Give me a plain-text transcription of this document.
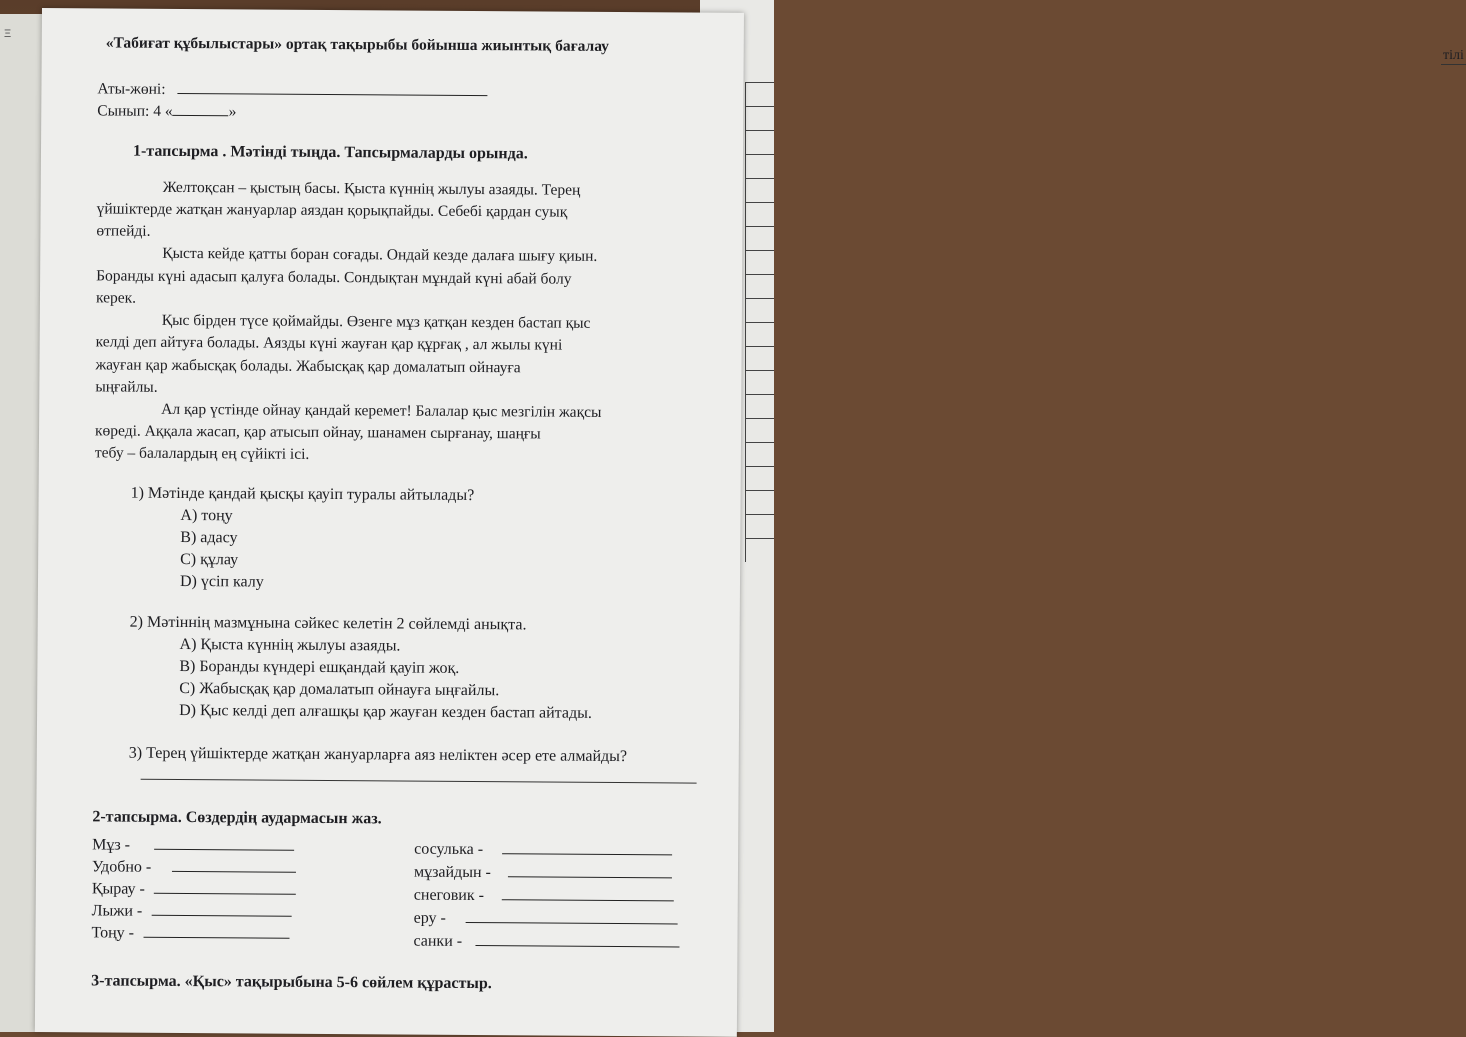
Ξ
тілі
«Табиғат құбылыстары» ортақ тақырыбы бойынша жиынтық бағалау
Аты-жөні:
Сынып: 4 «	»
1-тапсырма . Мәтінді тыңда. Тапсырмаларды орында.
Желтоқсан – қыстың басы. Қыста күннің жылуы азаяды. Терең
үйшіктерде жатқан жануарлар аяздан қорықпайды. Себебі қардан суық
өтпейді.
Қыста кейде қатты боран соғады. Ондай кезде далаға шығу қиын.
Боранды күні адасып қалуға болады. Сондықтан мұндай күні абай болу
керек.
Қыс бірден түсе қоймайды. Өзенге мұз қатқан кезден бастап қыс
келді деп айтуға болады. Аязды күні жауған қар құрғақ , ал жылы күні
жауған қар жабысқақ болады. Жабысқақ қар домалатып ойнауға
ыңғайлы.
Ал қар үстінде ойнау қандай керемет! Балалар қыс мезгілін жақсы
көреді. Аққала жасап, қар атысып ойнау, шанамен сырғанау, шаңғы
тебу – балалардың ең сүйікті ісі.
1) Мәтінде қандай қысқы қауіп туралы айтылады?
A) тоңу
B) адасу
C) құлау
D) үсіп калу
2) Мәтіннің мазмұнына сәйкес келетін 2 сөйлемді анықта.
A) Қыста күннің жылуы азаяды.
B) Боранды күндері ешқандай қауіп жоқ.
C) Жабысқақ қар домалатып ойнауға ыңғайлы.
D) Қыс келді деп алғашқы қар жауған кезден бастап айтады.
3) Терең үйшіктерде жатқан жануарларға аяз неліктен әсер ете алмайды?
2-тапсырма. Сөздердің аудармасын жаз.
Мұз -
Удобно -
Қырау -
Лыжи -
Тоңу -
сосулька -
мұзайдын -
снеговик -
еру -
санки -
3-тапсырма. «Қыс» тақырыбына 5-6 сөйлем құрастыр.
